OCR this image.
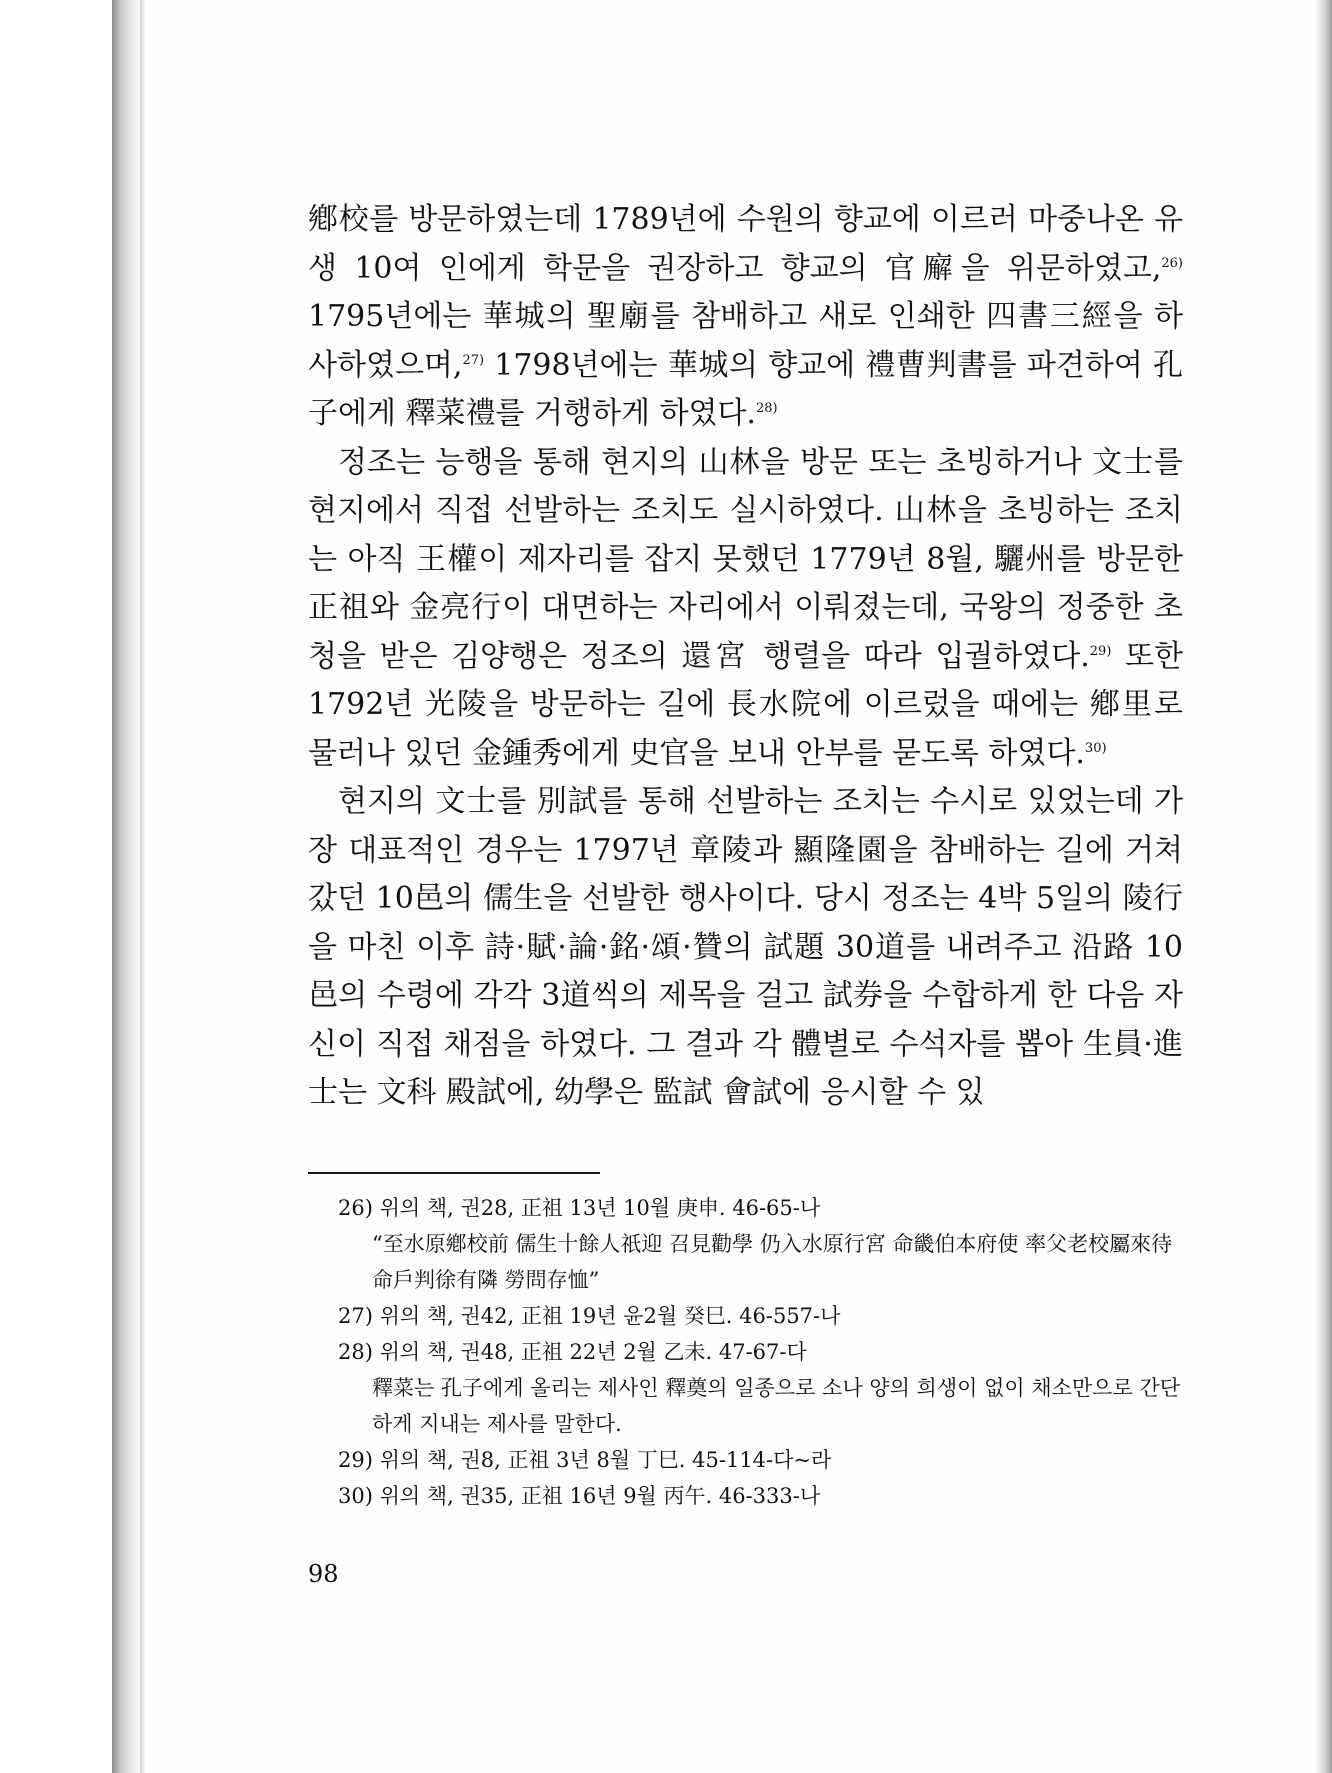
鄕校를 방문하였는데 1789년에 수원의 향교에 이르러 마중나온 유생 10여 인에게 학문을 권장하고 향교의 官廨을 위문하였고,$^{26)}$ 1795년에는 華城의 聖廟를 참배하고 새로 인쇄한 四書三經을 하사하였으며,$^{27)}$ 1798년에는 華城의 향교에 禮曹判書를 파견하여 孔子에게 釋菜禮를 거행하게 하였다.$^{28)}$

정조는 능행을 통해 현지의 山林을 방문 또는 초빙하거나 文士를 현지에서 직접 선발하는 조치도 실시하였다. 山林을 초빙하는 조치는 아직 王權이 제자리를 잡지 못했던 1779년 8월, 驪州를 방문한 正祖와 金亮行이 대면하는 자리에서 이뤄졌는데, 국왕의 정중한 초청을 받은 김양행은 정조의 還宮 행렬을 따라 입궐하였다.$^{29)}$ 또한 1792년 光陵을 방문하는 길에 長水院에 이르렀을 때에는 鄕里로 물러나 있던 金鍾秀에게 史官을 보내 안부를 묻도록 하였다.$^{30)}$

현지의 文士를 別試를 통해 선발하는 조치는 수시로 있었는데 가장 대표적인 경우는 1797년 章陵과 顯隆園을 참배하는 길에 거쳐갔던 10邑의 儒生을 선발한 행사이다. 당시 정조는 4박 5일의 陵行을 마친 이후 詩·賦·論·銘·頌·贊의 試題 30道를 내려주고 沿路 10邑의 수령에 각각 3道씩의 제목을 걸고 試券을 수합하게 한 다음 자신이 직접 채점을 하였다. 그 결과 각 體별로 수석자를 뽑아 生員·進士는 文科 殿試에, 幼學은 監試 會試에 응시할 수 있

26) 위의 책, 권28, 正祖 13년 10월 庚申. 46-65-나

“至水原鄕校前 儒生十餘人祇迎 召見勸學 仍入水原行宮 命畿伯本府使 率父老校屬來待 命戶判徐有隣 勞問存恤”

27) 위의 책, 권42, 正祖 19년 윤2월 癸巳. 46-557-나

28) 위의 책, 권48, 正祖 22년 2월 乙未. 47-67-다

釋菜는 孔子에게 올리는 제사인 釋奠의 일종으로 소나 양의 희생이 없이 채소만으로 간단하게 지내는 제사를 말한다.

29) 위의 책, 권8, 正祖 3년 8월 丁巳. 45-114-다~라

30) 위의 책, 권35, 正祖 16년 9월 丙午. 46-333-나

98
